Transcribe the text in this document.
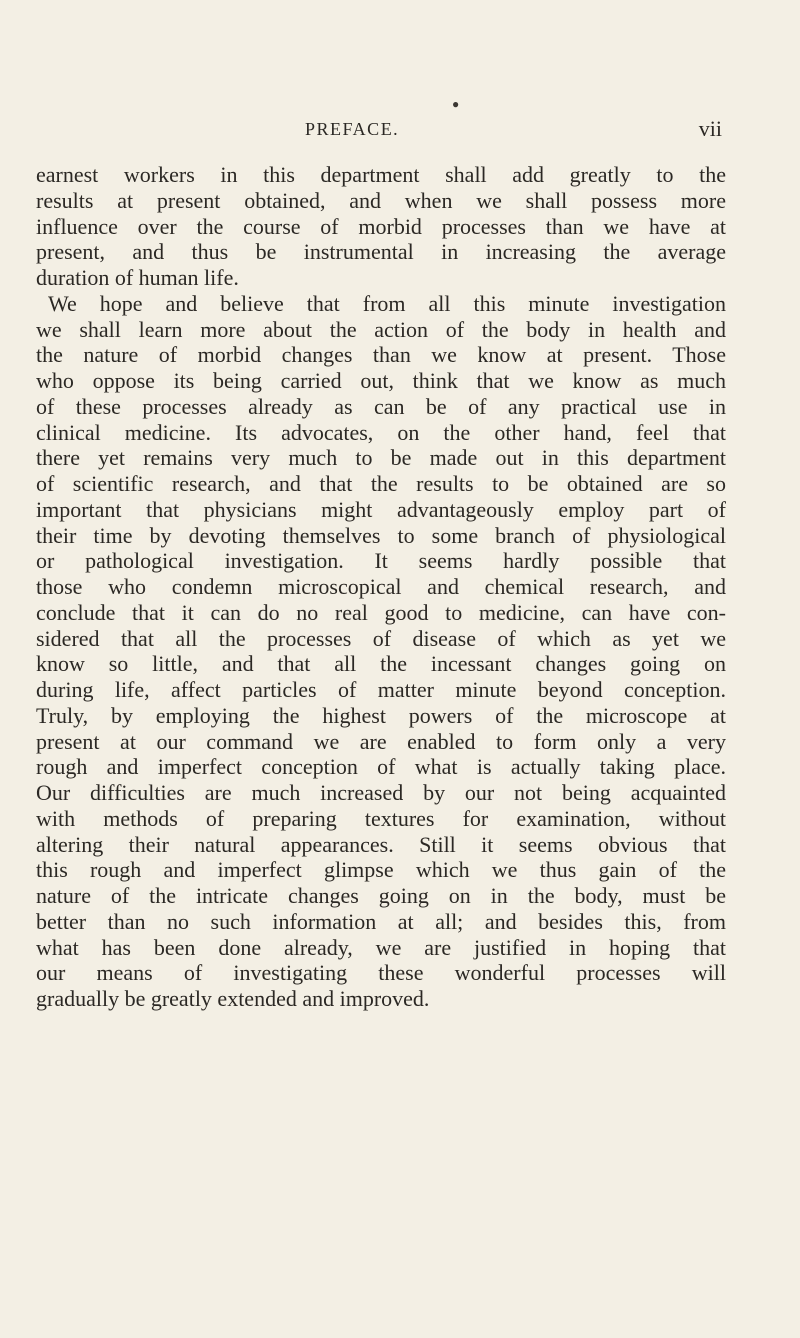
●
PREFACE.	vii
earnest workers in this department shall add greatly to the
results at present obtained, and when we shall possess more
influence over the course of morbid processes than we have at
present, and thus be instrumental in increasing the average
duration of human life.
We hope and believe that from all this minute investigation
we shall learn more about the action of the body in health and
the nature of morbid changes than we know at present. Those
who oppose its being carried out, think that we know as much
of these processes already as can be of any practical use in
clinical medicine. Its advocates, on the other hand, feel that
there yet remains very much to be made out in this department
of scientific research, and that the results to be obtained are so
important that physicians might advantageously employ part of
their time by devoting themselves to some branch of physiological
or pathological investigation. It seems hardly possible that
those who condemn microscopical and chemical research, and
conclude that it can do no real good to medicine, can have con-
sidered that all the processes of disease of which as yet we
know so little, and that all the incessant changes going on
during life, affect particles of matter minute beyond conception.
Truly, by employing the highest powers of the microscope at
present at our command we are enabled to form only a very
rough and imperfect conception of what is actually taking place.
Our difficulties are much increased by our not being acquainted
with methods of preparing textures for examination, without
altering their natural appearances. Still it seems obvious that
this rough and imperfect glimpse which we thus gain of the
nature of the intricate changes going on in the body, must be
better than no such information at all; and besides this, from
what has been done already, we are justified in hoping that
our means of investigating these wonderful processes will
gradually be greatly extended and improved.
